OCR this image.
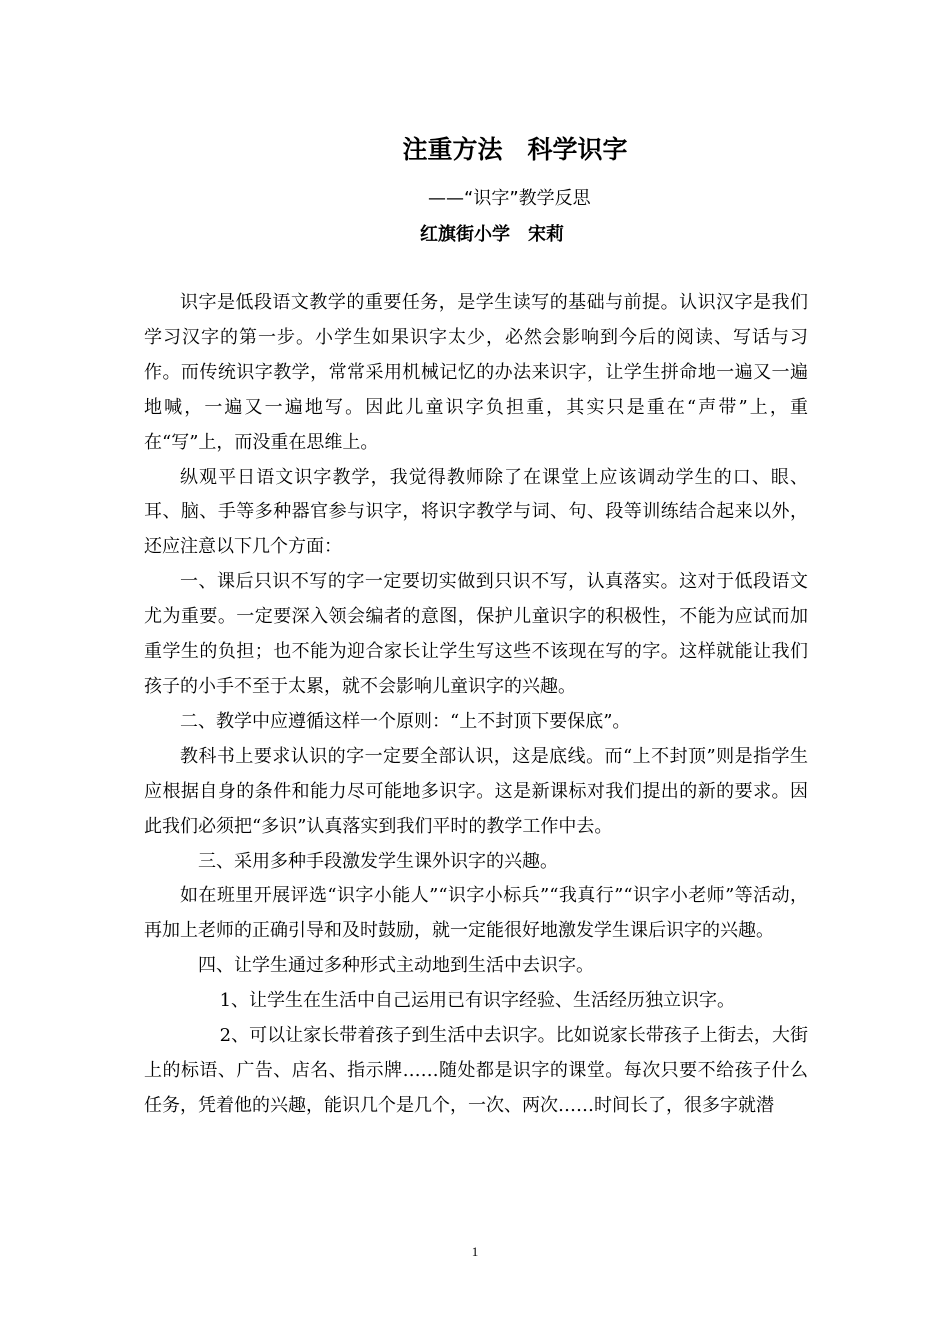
注重方法　科学识字
——“识字”教学反思
红旗街小学　宋莉

识字是低段语文教学的重要任务，是学生读写的基础与前提。认识汉字是我们学习汉字的第一步。小学生如果识字太少，必然会影响到今后的阅读、写话与习作。而传统识字教学，常常采用机械记忆的办法来识字，让学生拼命地一遍又一遍地喊，一遍又一遍地写。因此儿童识字负担重，其实只是重在“声带”上，重在“写”上，而没重在思维上。

纵观平日语文识字教学，我觉得教师除了在课堂上应该调动学生的口、眼、耳、脑、手等多种器官参与识字，将识字教学与词、句、段等训练结合起来以外，还应注意以下几个方面：

一、课后只识不写的字一定要切实做到只识不写，认真落实。这对于低段语文尤为重要。一定要深入领会编者的意图，保护儿童识字的积极性，不能为应试而加重学生的负担；也不能为迎合家长让学生写这些不该现在写的字。这样就能让我们孩子的小手不至于太累，就不会影响儿童识字的兴趣。

二、教学中应遵循这样一个原则：“上不封顶下要保底”。

教科书上要求认识的字一定要全部认识，这是底线。而“上不封顶”则是指学生应根据自身的条件和能力尽可能地多识字。这是新课标对我们提出的新的要求。因此我们必须把“多识”认真落实到我们平时的教学工作中去。

三、采用多种手段激发学生课外识字的兴趣。

如在班里开展评选“识字小能人”“识字小标兵”“我真行”“识字小老师”等活动，再加上老师的正确引导和及时鼓励，就一定能很好地激发学生课后识字的兴趣。

四、让学生通过多种形式主动地到生活中去识字。

1、让学生在生活中自己运用已有识字经验、生活经历独立识字。

2、可以让家长带着孩子到生活中去识字。比如说家长带孩子上街去，大街上的标语、广告、店名、指示牌……随处都是识字的课堂。每次只要不给孩子什么任务，凭着他的兴趣，能识几个是几个，一次、两次……时间长了，很多字就潜

1
